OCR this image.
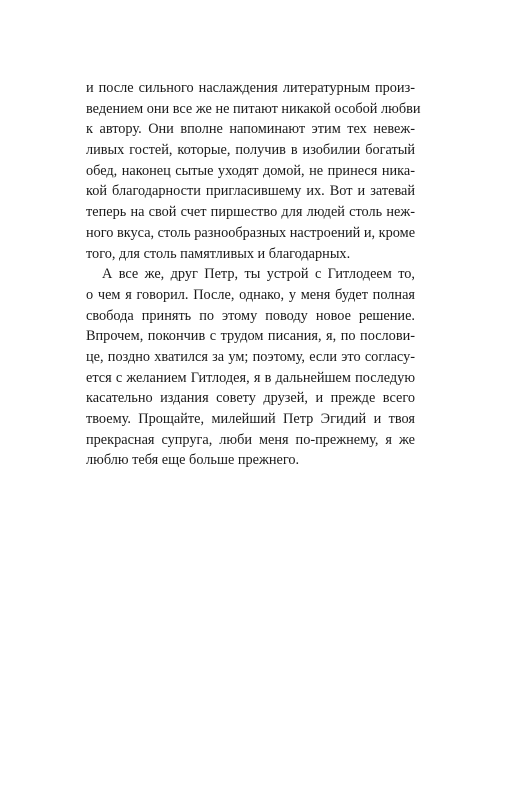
и после сильного наслаждения литературным произ-
ведением они все же не питают никакой особой любви
к автору. Они вполне напоминают этим тех невеж-
ливых гостей, которые, получив в изобилии богатый
обед, наконец сытые уходят домой, не принеся ника-
кой благодарности пригласившему их. Вот и затевай
теперь на свой счет пиршество для людей столь неж-
ного вкуса, столь разнообразных настроений и, кроме
того, для столь памятливых и благодарных.
А все же, друг Петр, ты устрой с Гитлодеем то,
о чем я говорил. После, однако, у меня будет полная
свобода принять по этому поводу новое решение.
Впрочем, покончив с трудом писания, я, по послови-
це, поздно хватился за ум; поэтому, если это согласу-
ется с желанием Гитлодея, я в дальнейшем последую
касательно издания совету друзей, и прежде всего
твоему. Прощайте, милейший Петр Эгидий и твоя
прекрасная супруга, люби меня по-прежнему, я же
люблю тебя еще больше прежнего.
